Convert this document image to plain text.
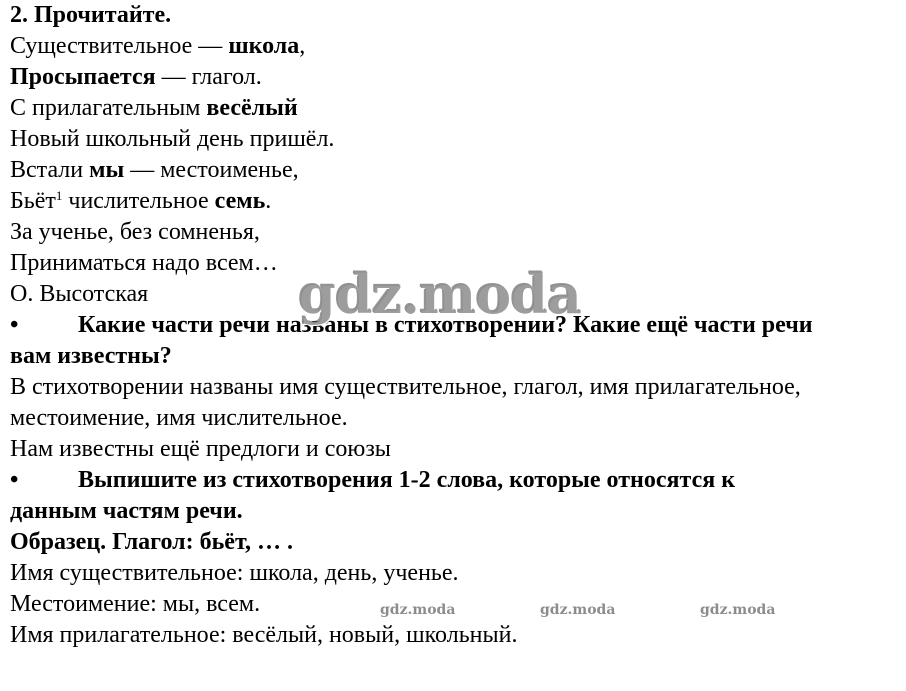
2. Прочитайте.
Существительное — школа,
Просыпается — глагол.
С прилагательным весёлый
Новый школьный день пришёл.
Встали мы — местоименье,
Бьёт$^1$ числительное семь.
За ученье, без сомненья,
Приниматься надо всем…
О. Высотская
•	Какие части речи названы в стихотворении? Какие ещё части речи
вам известны?
В стихотворении названы имя существительное, глагол, имя прилагательное,
местоимение, имя числительное.
Нам известны ещё предлоги и союзы
•	Выпишите из стихотворения 1-2 слова, которые относятся к
данным частям речи.
Образец. Глагол: бьёт, … .
Имя существительное: школа, день, ученье.
Местоимение: мы, всем.
Имя прилагательное: весёлый, новый, школьный.
gdz.moda
gdz.moda	gdz.moda	gdz.moda
